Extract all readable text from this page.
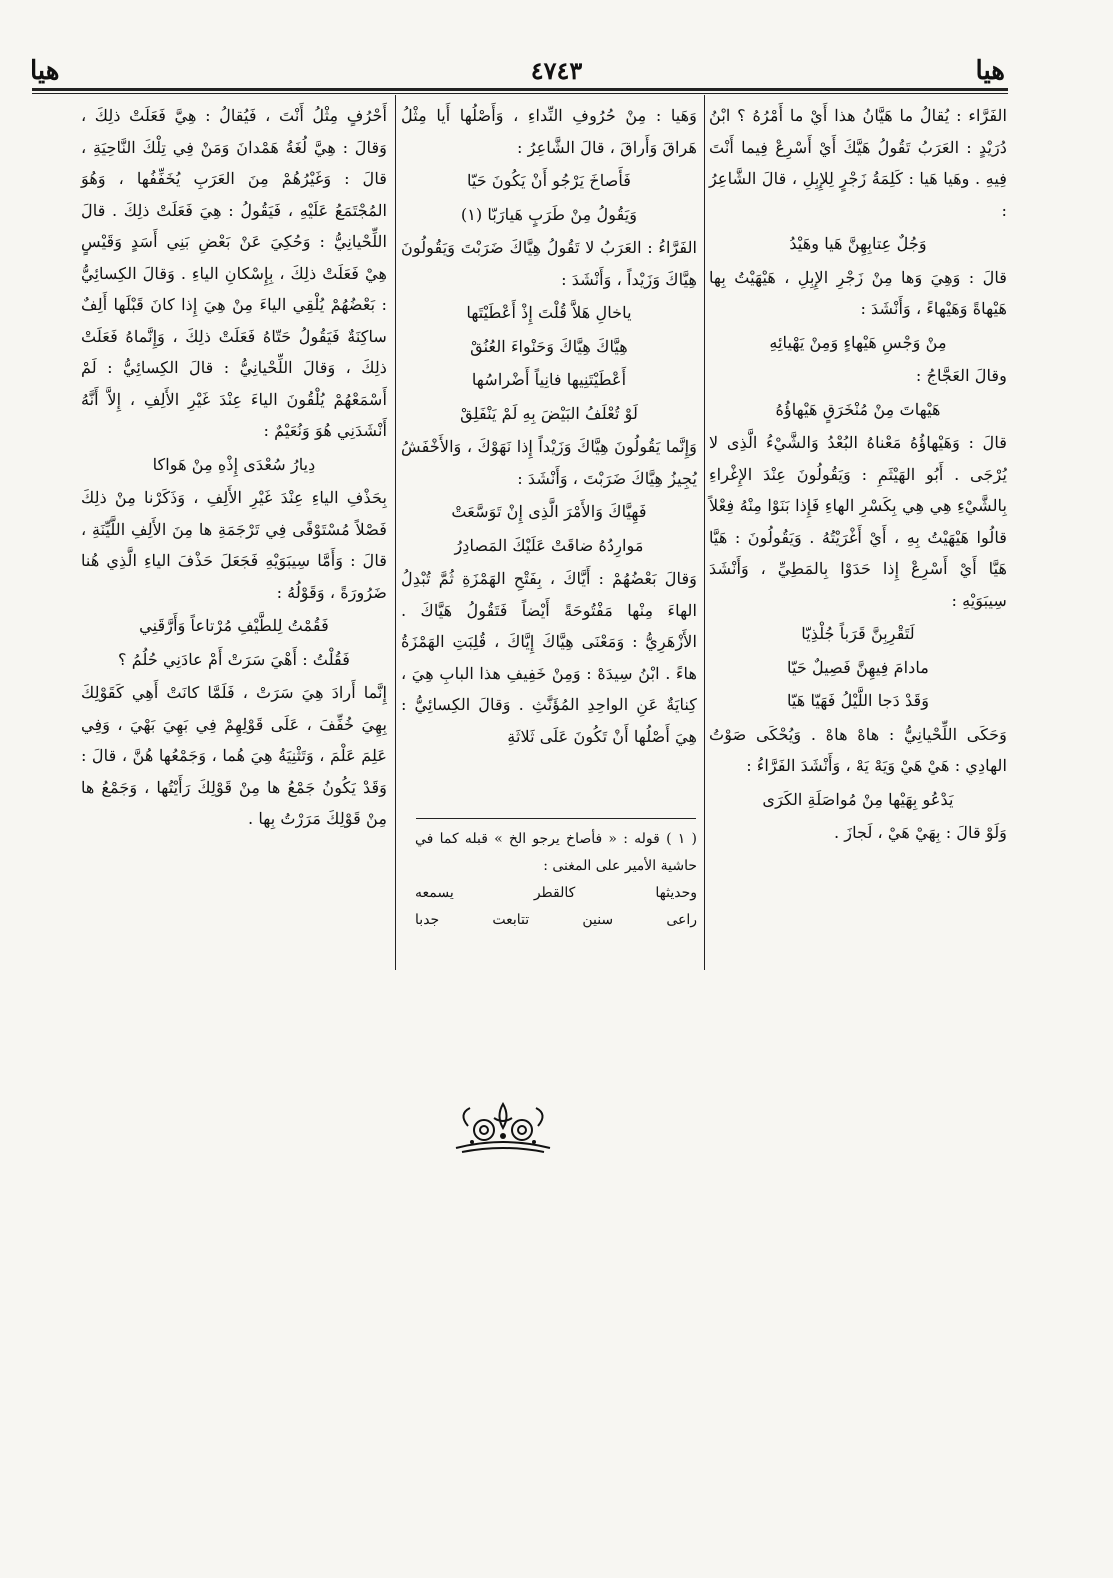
هيا
٤٧٤٣
هيا

الفَرَّاء : يُقالُ ما هَيَّانُ هذا أَيْ ما أَمْرُهُ ؟ ابْنُ دُرَيْدٍ : العَرَبُ تَقُولُ هَيَّكَ أَيْ أَسْرِعْ فِيما أَنْتَ فِيهِ . وهَيا هَيا : كَلِمَةُ زَجْرٍ لِلإِبِلِ ، قالَ الشَّاعِرُ :

وَجُلٌ عِتابِهِنَّ هَيا وهَيْدُ

قالَ : وَهِيَ وَها مِنْ زَجْرِ الإِبِلِ ، هَيْهَيْتُ بِها هَيْهاةً وَهَيْهاءً ، وَأَنْشَدَ :

مِنْ وَجْسِ هَيْهاءٍ وَمِنْ يَهْيائِهِ

وقالَ العَجَّاجُ :

هَيْهاتَ مِنْ مُنْخَرَقٍ هَيْهاؤُهُ

قالَ : وَهَيْهاؤُهُ مَعْناهُ البُعْدُ وَالشَّيْءُ الَّذِى لا يُرْجَى . أَبُو الهَيْثَمِ : وَيَقُولُونَ عِنْدَ الإِغْراءِ بِالشَّيْءِ هِي هِي بِكَسْرِ الهاءِ فَإِذا بَنَوْا مِنْهُ فِعْلاً قالُوا هَيْهَيْتُ بِهِ ، أَيْ أَغْرَيْتُهُ . وَيَقُولُونَ : هَيَّا هَيَّا أَيْ أَسْرِعْ إِذا حَدَوْا بِالمَطِيِّ ، وَأَنْشَدَ سِيبَوَيْهِ :

لَتَقْرِبِنَّ قَرَباً جُلْذِيّا

مادامَ فِيهِنَّ فَصِيلٌ حَيّا

وَقَدْ دَجا اللَّيْلُ فَهَيّا هَيّا

وَحَكَى اللِّحْيانِيُّ : هاهْ هاهْ . وَيُحْكَى صَوْتُ الهادِي : هَيْ هَيْ وَيَهْ يَهْ ، وَأَنْشَدَ الفَرَّاءُ :

يَدْعُو بِهَيْها مِنْ مُواصَلَةِ الكَرَى

وَلَوْ قالَ : بِهَيْ هَيْ ، لَجازَ .

وَهَيا : مِنْ حُرُوفِ النِّداءِ ، وَأَصْلُها أَيا مِثْلُ هَراقَ وَأَراقَ ، قالَ الشَّاعِرُ :

فَأَصاخَ يَرْجُو أَنْ يَكُونَ حَيّا

وَيَقُولُ مِنْ طَرَبٍ هَيارَبّا (١)

الفَرَّاءُ : العَرَبُ لا تَقُولُ هِيَّاكَ ضَرَبْتَ وَيَقُولُونَ هِيَّاكَ وَزَيْداً ، وَأَنْشَدَ :

ياخالِ هَلاَّ قُلْتَ إِذْ أَعْطَيْتَها

هِيَّاكَ هِيَّاكَ وَحَنْواءَ العُنُقْ

أَعْطَيْتَنِيها فانِياً أَضْراسُها

لَوْ تُعْلَفُ البَيْضَ بِهِ لَمْ يَنْفَلِقْ

وَإِنَّما يَقُولُونَ هِيَّاكَ وَزَيْداً إِذا نَهَوْكَ ، وَالأَخْفَشُ يُجِيزُ هِيَّاكَ ضَرَبْتَ ، وَأَنْشَدَ :

فَهِيَّاكَ وَالأَمْرَ الَّذِى إِنْ تَوَسَّعَتْ

مَوارِدُهُ ضاقَتْ عَلَيْكَ المَصادِرُ

وَقالَ بَعْضُهُمْ : أَيَّاكَ ، بِفَتْحِ الهَمْزَةِ ثُمَّ تُبْدِلُ الهاءَ مِنْها مَفْتُوحَةً أَيْضاً فَتَقُولُ هَيَّاكَ . الأَزْهَرِيُّ : وَمَعْنَى هِيَّاكَ إِيَّاكَ ، قُلِبَتِ الهَمْزَةُ هاءً . ابْنُ سِيدَهْ : وَمِنْ خَفِيفِ هذا البابِ هِيَ ، كِنايَةٌ عَنِ الواحِدِ المُؤَنَّثِ . وَقالَ الكِسائِيُّ : هِيَ أَصْلُها أَنْ تَكُونَ عَلَى ثَلاثَةِ

أَحْرُفٍ مِثْلُ أَنْتَ ، فَيُقالُ : هِيَّ فَعَلَتْ ذلِكَ ، وَقالَ : هِيَّ لُغَةُ هَمْدانَ وَمَنْ فِي تِلْكَ النَّاحِيَةِ ، قالَ : وَغَيْرُهُمْ مِنَ العَرَبِ يُخَفِّفُها ، وَهُوَ المُجْتَمَعُ عَلَيْهِ ، فَيَقُولُ : هِيَ فَعَلَتْ ذلِكَ . قالَ اللِّحْيانِيُّ : وَحُكِيَ عَنْ بَعْضِ بَنِي أَسَدٍ وَقَيْسٍ هِيْ فَعَلَتْ ذلِكَ ، بِإِسْكانِ الياءِ . وَقالَ الكِسائِيُّ : بَعْضُهُمْ يُلْقِي الياءَ مِنْ هِيَ إِذا كانَ قَبْلَها أَلِفٌ ساكِنَةٌ فَيَقُولُ حَتّاهُ فَعَلَتْ ذلِكَ ، وَإِنَّماهُ فَعَلَتْ ذلِكَ ، وَقالَ اللِّحْيانِيُّ : قالَ الكِسائِيُّ : لَمْ أَسْمَعْهُمْ يُلْقُونَ الياءَ عِنْدَ غَيْرِ الأَلِفِ ، إِلاَّ أَنَّهُ أَنْشَدَنِي هُوَ وَنُعَيْمٌ :

دِيارُ سُعْدَى إِذْهِ مِنْ هَواكا

بِحَذْفِ الياءِ عِنْدَ غَيْرِ الأَلِفِ ، وَذَكَرْنا مِنْ ذلِكَ فَصْلاً مُسْتَوْفًى فِي تَرْجَمَةِ ها مِنَ الأَلِفِ اللَّيِّنَةِ ، قالَ : وَأَمَّا سِيبَوَيْهِ فَجَعَلَ حَذْفَ الياءِ الَّذِي هُنا ضَرُورَةً ، وَقَوْلُهُ :

فَقُمْتُ لِلطَّيْفِ مُرْتاعاً وَأَرَّقَنِي

فَقُلْتُ : أَهْيَ سَرَتْ أَمْ عادَنِي حُلُمُ ؟

إِنَّما أَرادَ هِيَ سَرَتْ ، فَلَمَّا كانَتْ أَهِي كَقَوْلِكَ بِهِيَ خُفِّفَ ، عَلَى قَوْلِهِمْ فِي بَهِيَ بَهْيَ ، وَفِي عَلِمَ عَلْمَ ، وَتَثْنِيَةُ هِيَ هُما ، وَجَمْعُها هُنَّ ، قالَ : وَقَدْ يَكُونُ جَمْعُ ها مِنْ قَوْلِكَ رَأَيْتُها ، وَجَمْعُ ها مِنْ قَوْلِكَ مَرَرْتُ بِها .

( ١ ) قوله : « فأصاخ يرجو الخ » قبله كما في حاشية الأمير على المغنى :

وحديثها
كالقطر
يسمعه
راعى
سنين
تتابعت
جدبا
